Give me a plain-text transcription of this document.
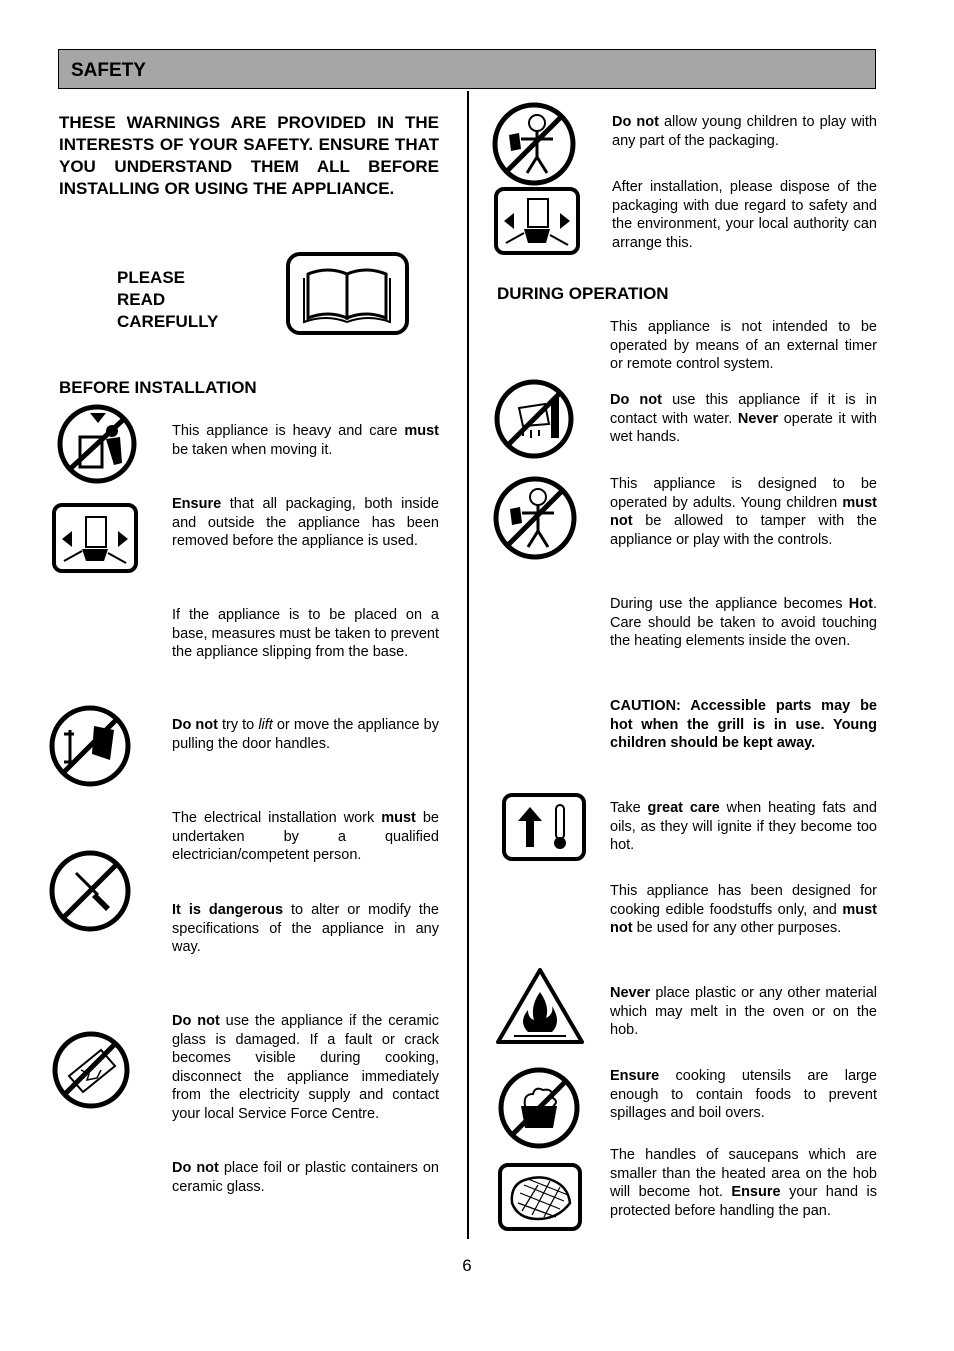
SAFETY
THESE WARNINGS ARE PROVIDED IN THE INTERESTS OF YOUR SAFETY. ENSURE THAT YOU UNDERSTAND THEM ALL BEFORE INSTALLING OR USING THE APPLIANCE.
PLEASE
READ
CAREFULLY
BEFORE INSTALLATION
This appliance is heavy and care must be taken when moving it.
Ensure that all packaging, both inside and outside the appliance has been removed before the appliance is used.
If the appliance is to be placed on a base, measures must be taken to prevent the appliance slipping from the base.
Do not try to lift or move the appliance by pulling the door handles.
The electrical installation work must be undertaken by a qualified electrician/competent person.
It is dangerous to alter or modify the specifications of the appliance in any way.
Do not use the appliance if the ceramic glass is damaged. If a fault or crack becomes visible during cooking, disconnect the appliance immediately from the electricity supply and contact your local Service Force Centre.
Do not place foil or plastic containers on ceramic glass.
Do not allow young children to play with any part of the packaging.
After installation, please dispose of the packaging with due regard to safety and the environment, your local authority can arrange this.
DURING OPERATION
This appliance is not intended to be operated by means of an external timer or remote control system.
Do not use this appliance if it is in contact with water. Never operate it with wet hands.
This appliance is designed to be operated by adults. Young children must not be allowed to tamper with the appliance or play with the controls.
During use the appliance becomes Hot. Care should be taken to avoid touching the heating elements inside the oven.
CAUTION: Accessible parts may be hot when the grill is in use. Young children should be kept away.
Take great care when heating fats and oils, as they will ignite if they become too hot.
This appliance has been designed for cooking edible foodstuffs only, and must not be used for any other purposes.
Never place plastic or any other material which may melt in the oven or on the hob.
Ensure cooking utensils are large enough to contain foods to prevent spillages and boil overs.
The handles of saucepans which are smaller than the heated area on the hob will become hot. Ensure your hand is protected before handling the pan.
6
